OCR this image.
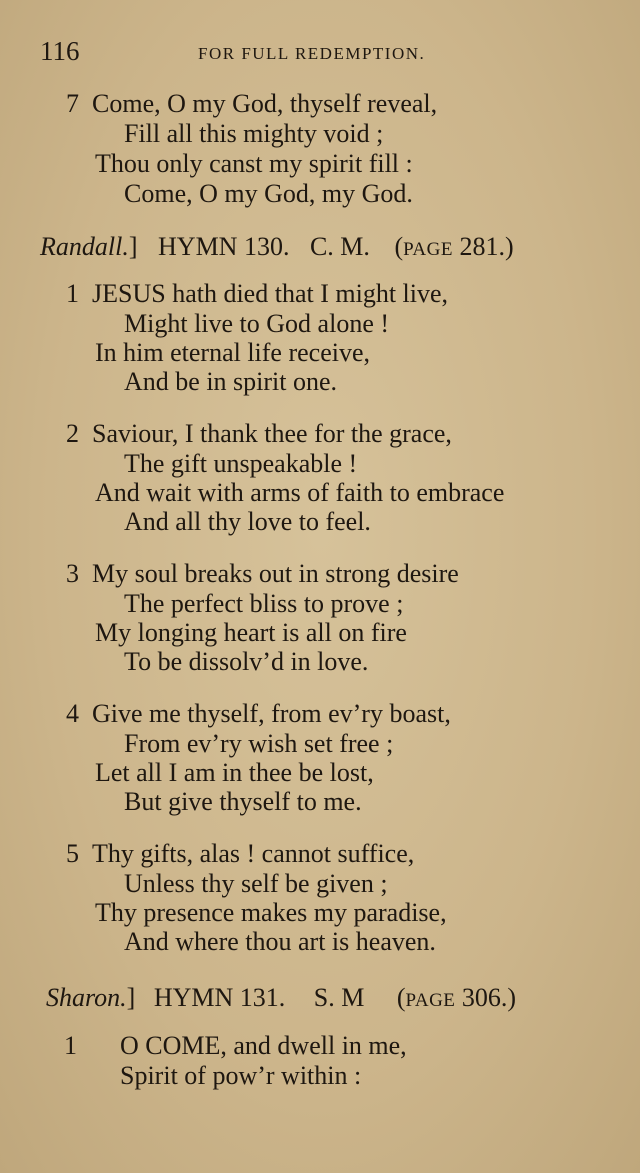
116	FOR FULL REDEMPTION.
7 Come, O my God, thyself reveal,
Fill all this mighty void ;
Thou only canst my spirit fill :
Come, O my God, my God.
Randall.] HYMN 130. C. M. (PAGE 281.)
1 JESUS hath died that I might live,
Might live to God alone !
In him eternal life receive,
And be in spirit one.
2 Saviour, I thank thee for the grace,
The gift unspeakable !
And wait with arms of faith to embrace
And all thy love to feel.
3 My soul breaks out in strong desire
The perfect bliss to prove ;
My longing heart is all on fire
To be dissolv’d in love.
4 Give me thyself, from ev’ry boast,
From ev’ry wish set free ;
Let all I am in thee be lost,
But give thyself to me.
5 Thy gifts, alas ! cannot suffice,
Unless thy self be given ;
Thy presence makes my paradise,
And where thou art is heaven.
Sharon.] HYMN 131. S. M (PAGE 306.)
1 O COME, and dwell in me,
Spirit of pow’r within :
